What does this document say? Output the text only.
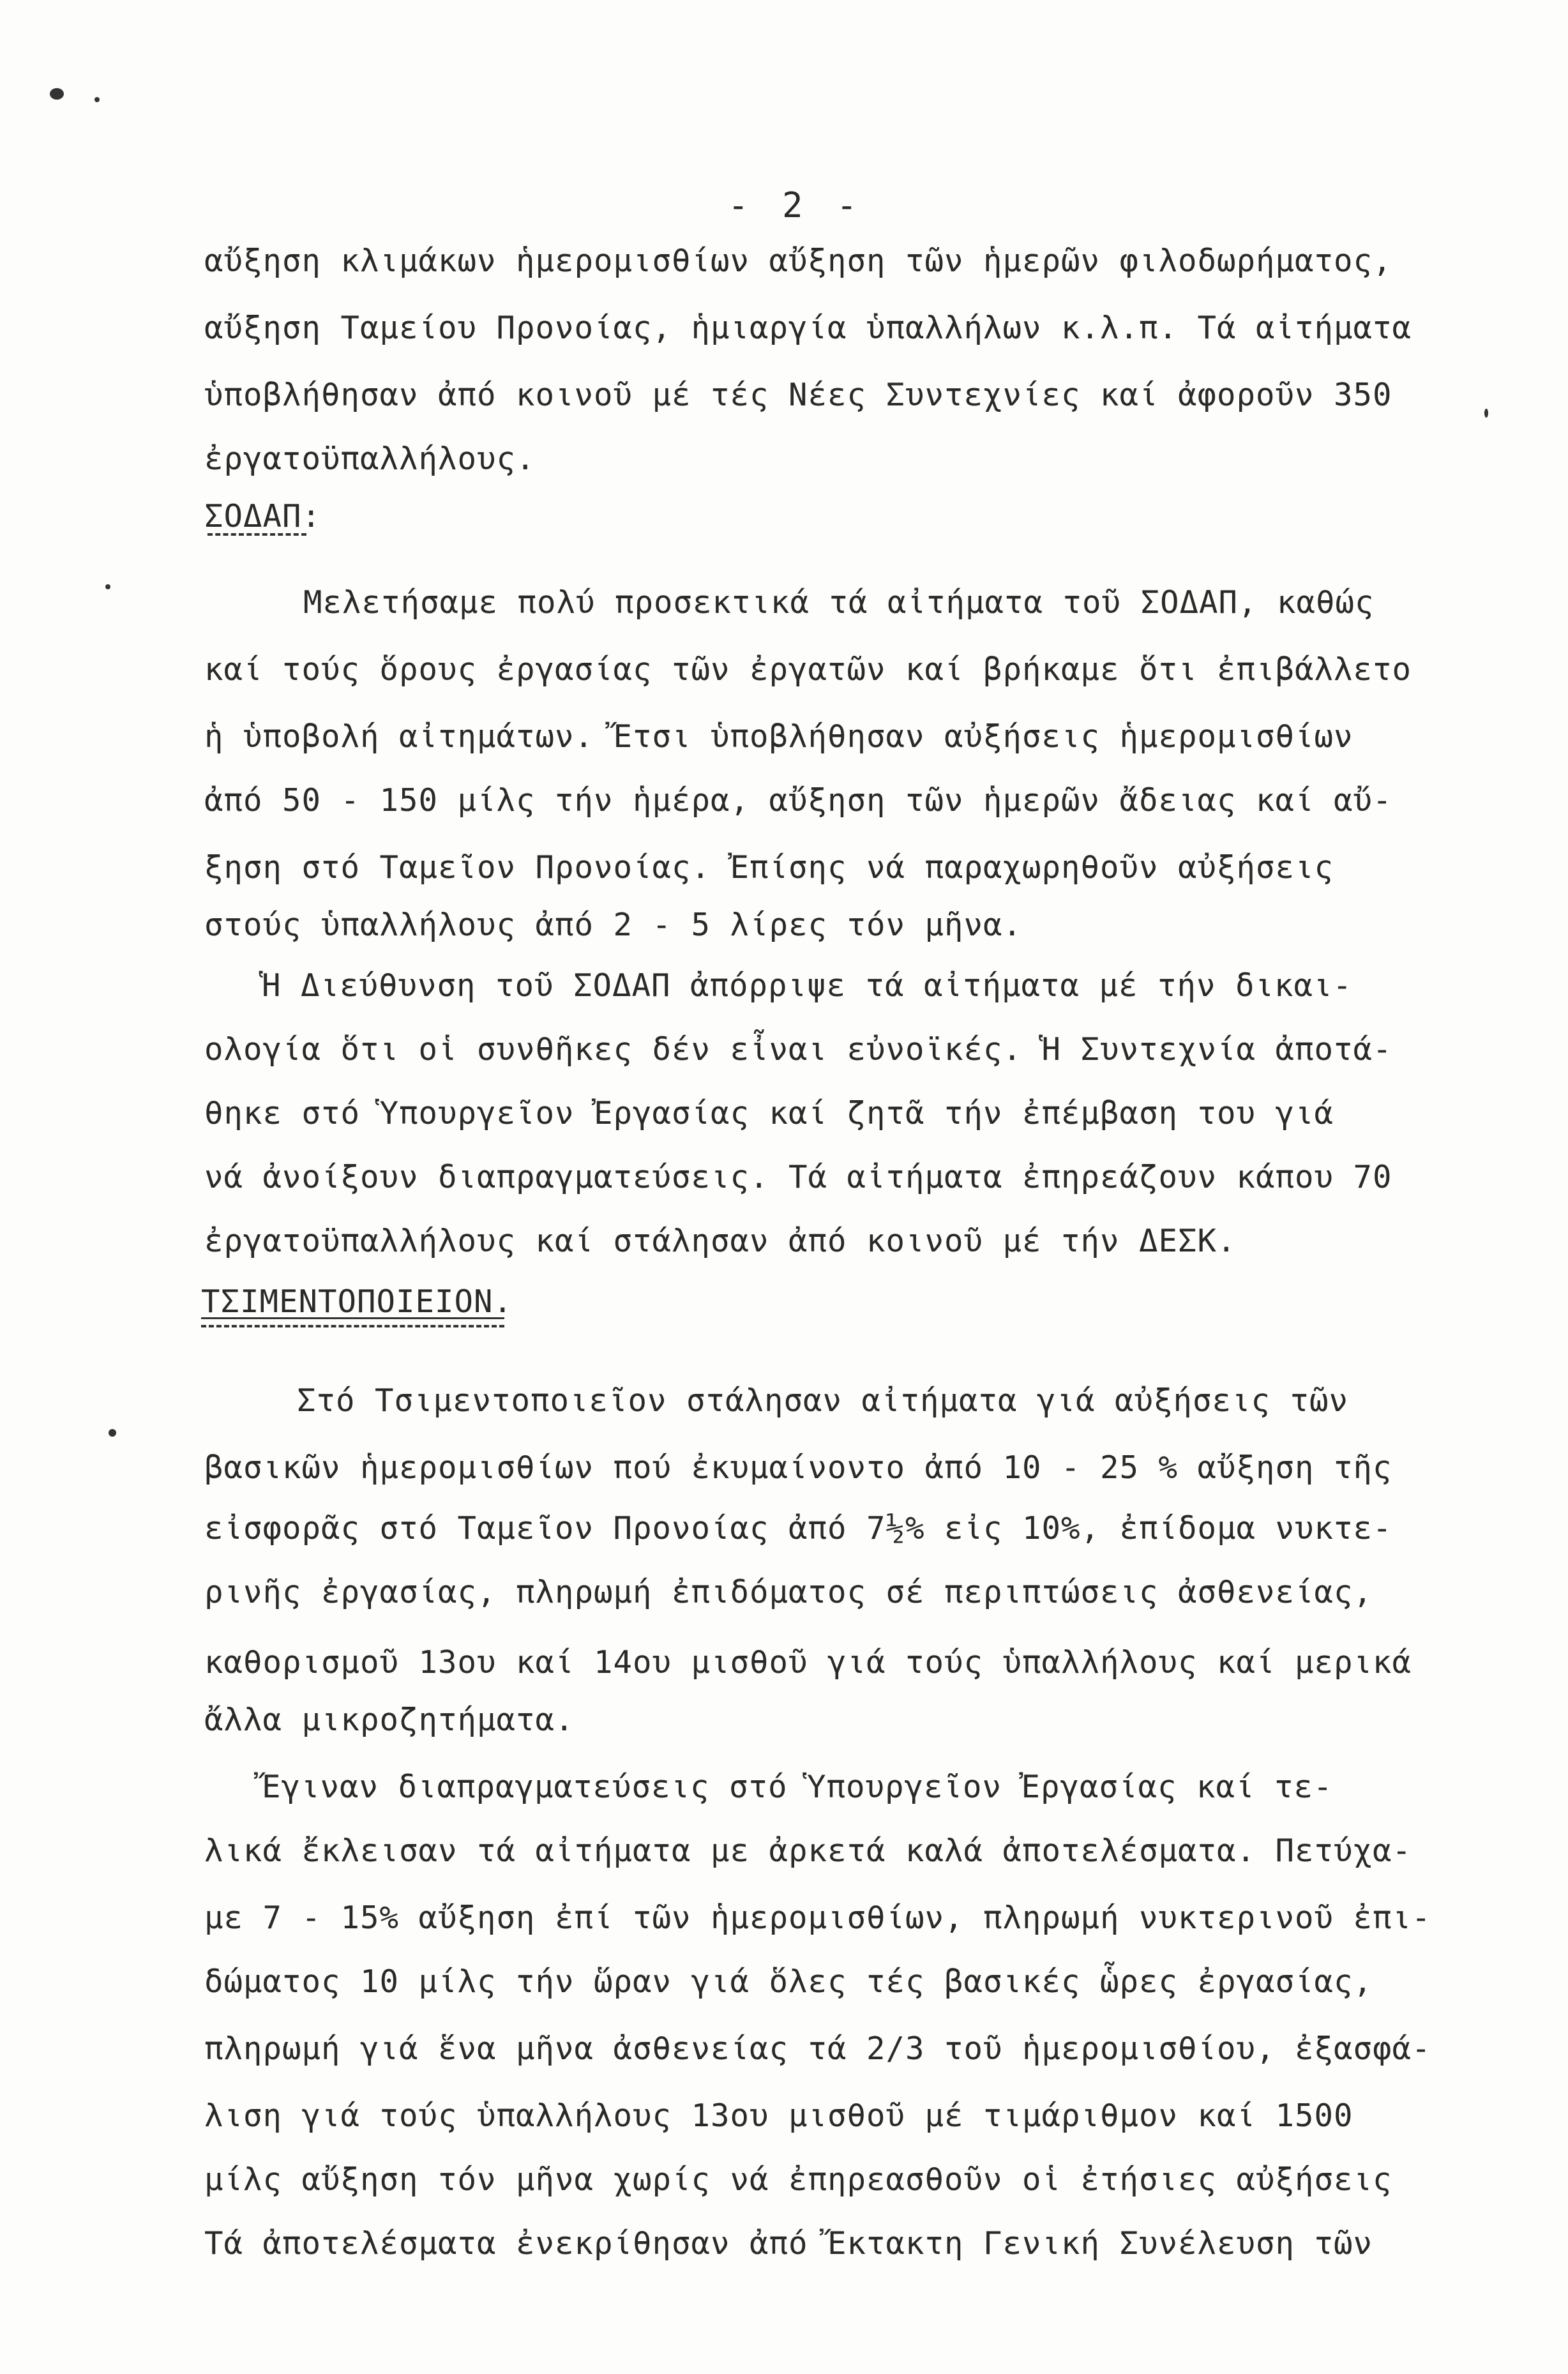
- 2 -
αὔξηση κλιμάκων ἡμερομισθίων αὔξηση τῶν ἡμερῶν φιλοδωρήματος,
αὔξηση Ταμείου Προνοίας, ἡμιαργία ὑπαλλήλων κ.λ.π. Τά αἰτήματα
ὑποβλήθησαν ἀπό κοινοῦ μέ τές Νέες Συντεχνίες καί ἀφοροῦν 350
ἐργατοϋπαλλήλους.
ΣΟΔΑΠ:
Μελετήσαμε πολύ προσεκτικά τά αἰτήματα τοῦ ΣΟΔΑΠ, καθώς
καί τούς ὅρους ἐργασίας τῶν ἐργατῶν καί βρήκαμε ὅτι ἐπιβάλλετο
ἡ ὑποβολή αἰτημάτων. Ἔτσι ὑποβλήθησαν αὐξήσεις ἡμερομισθίων
ἀπό 50 - 150 μίλς τήν ἡμέρα, αὔξηση τῶν ἡμερῶν ἄδειας καί αὔ-
ξηση στό Ταμεῖον Προνοίας. Ἐπίσης νά παραχωρηθοῦν αὐξήσεις
στούς ὑπαλλήλους ἀπό 2 - 5 λίρες τόν μῆνα.
Ἡ Διεύθυνση τοῦ ΣΟΔΑΠ ἀπόρριψε τά αἰτήματα μέ τήν δικαι-
ολογία ὅτι οἱ συνθῆκες δέν εἶναι εὐνοϊκές. Ἡ Συντεχνία ἀποτά-
θηκε στό Ὑπουργεῖον Ἐργασίας καί ζητᾶ τήν ἐπέμβαση του γιά
νά ἀνοίξουν διαπραγματεύσεις. Τά αἰτήματα ἐπηρεάζουν κάπου 70
ἐργατοϋπαλλήλους καί στάλησαν ἀπό κοινοῦ μέ τήν ΔΕΣΚ.
ΤΣΙΜΕΝΤΟΠΟΙΕΙΟΝ.
Στό Τσιμεντοποιεῖον στάλησαν αἰτήματα γιά αὐξήσεις τῶν
βασικῶν ἡμερομισθίων πού ἐκυμαίνοντο ἀπό 10 - 25 % αὔξηση τῆς
εἰσφορᾶς στό Ταμεῖον Προνοίας ἀπό 7½% εἰς 10%, ἐπίδομα νυκτε-
ρινῆς ἐργασίας, πληρωμή ἐπιδόματος σέ περιπτώσεις ἀσθενείας,
καθορισμοῦ 13ου καί 14ου μισθοῦ γιά τούς ὑπαλλήλους καί μερικά
ἄλλα μικροζητήματα.
Ἔγιναν διαπραγματεύσεις στό Ὑπουργεῖον Ἐργασίας καί τε-
λικά ἔκλεισαν τά αἰτήματα με ἀρκετά καλά ἀποτελέσματα. Πετύχα-
με 7 - 15% αὔξηση ἐπί τῶν ἡμερομισθίων, πληρωμή νυκτερινοῦ ἐπι-
δώματος 10 μίλς τήν ὥραν γιά ὅλες τές βασικές ὧρες ἐργασίας,
πληρωμή γιά ἕνα μῆνα ἀσθενείας τά 2/3 τοῦ ἡμερομισθίου, ἐξασφά-
λιση γιά τούς ὑπαλλήλους 13ου μισθοῦ μέ τιμάριθμον καί 1500
μίλς αὔξηση τόν μῆνα χωρίς νά ἐπηρεασθοῦν οἱ ἐτήσιες αὐξήσεις
Τά ἀποτελέσματα ἐνεκρίθησαν ἀπό Ἔκτακτη Γενική Συνέλευση τῶν
